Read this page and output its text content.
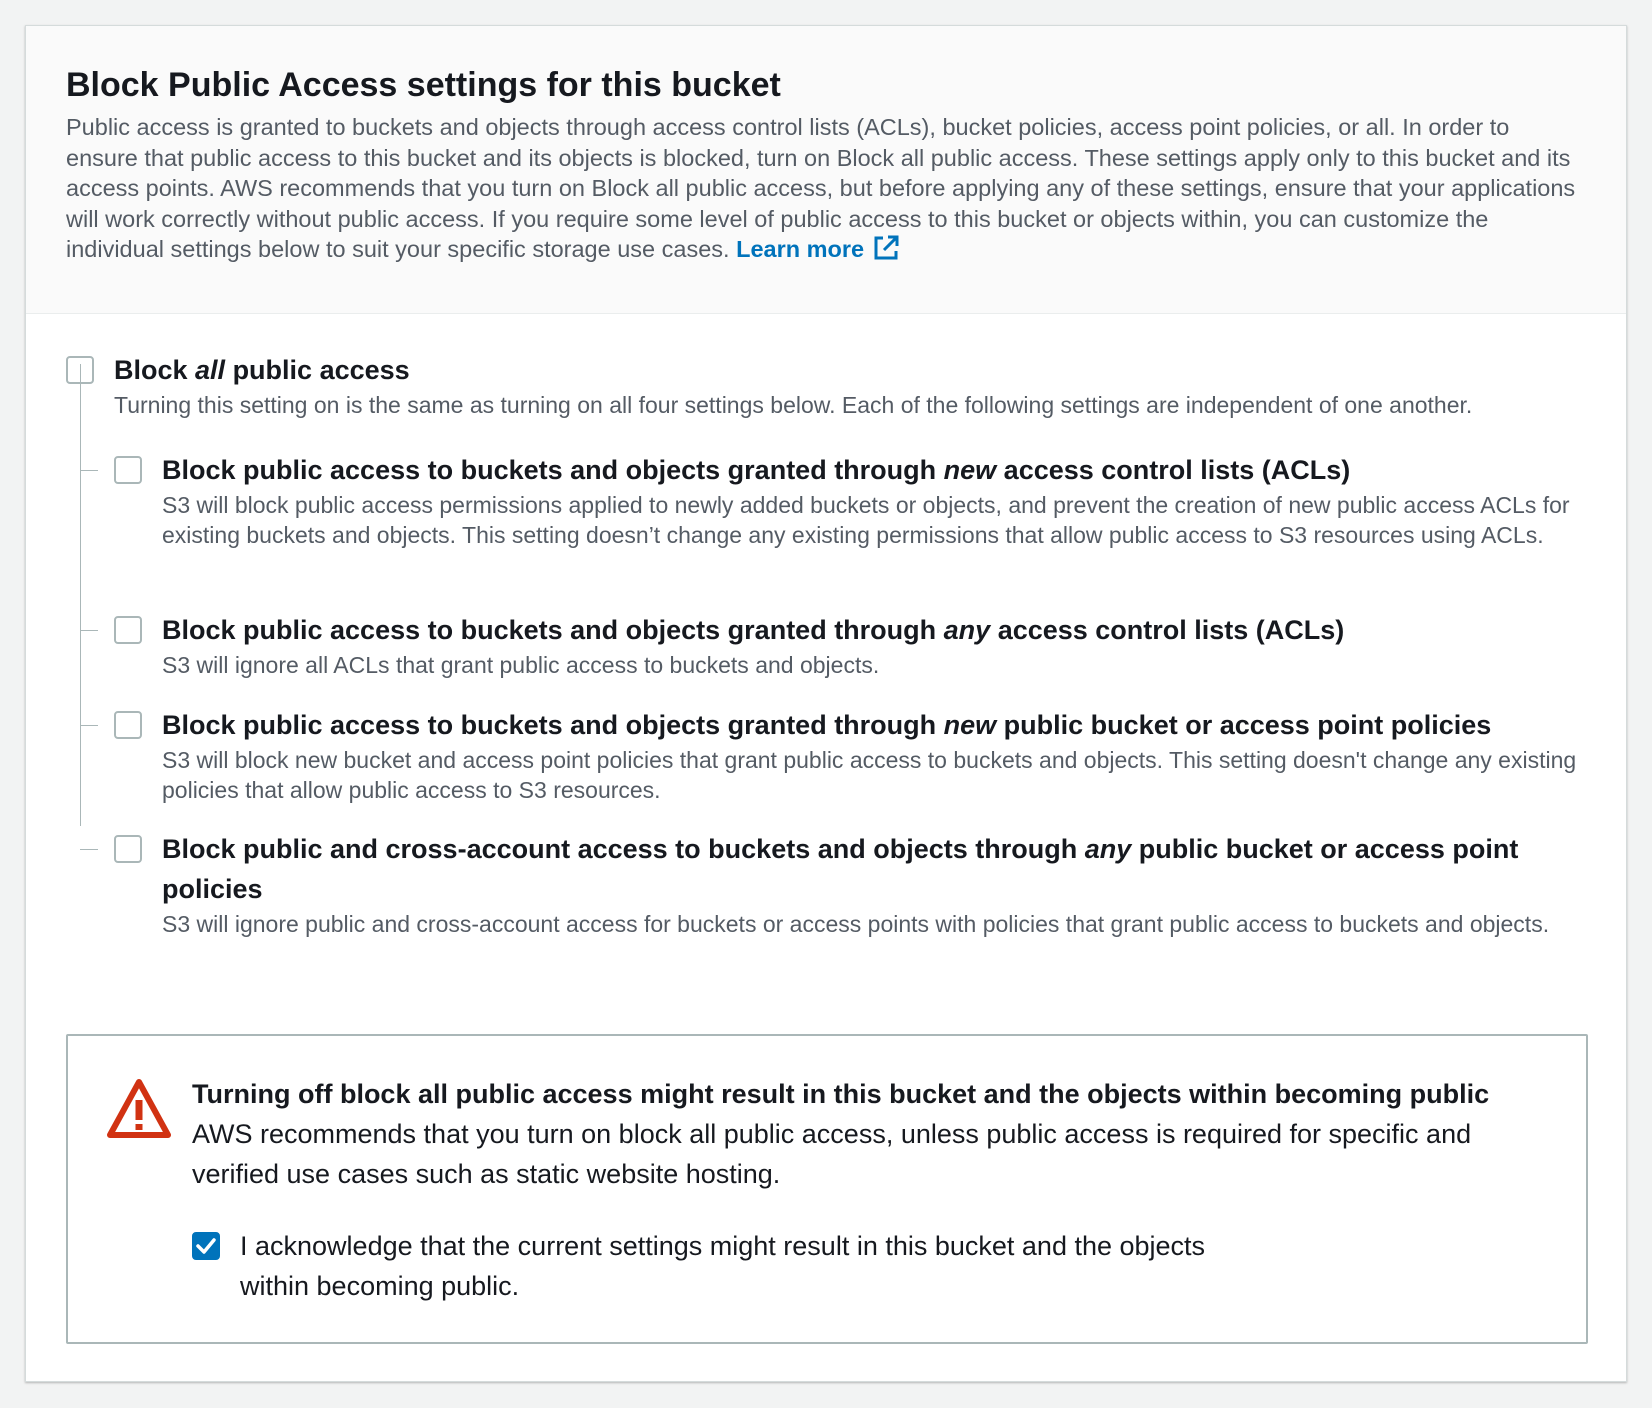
Block Public Access settings for this bucket

Public access is granted to buckets and objects through access control lists (ACLs), bucket policies, access point policies, or all. In order to ensure that public access to this bucket and its objects is blocked, turn on Block all public access. These settings apply only to this bucket and its access points. AWS recommends that you turn on Block all public access, but before applying any of these settings, ensure that your applications will work correctly without public access. If you require some level of public access to this bucket or objects within, you can customize the individual settings below to suit your specific storage use cases. Learn more

Block all public access
Turning this setting on is the same as turning on all four settings below. Each of the following settings are independent of one another.
Block public access to buckets and objects granted through new access control lists (ACLs)
S3 will block public access permissions applied to newly added buckets or objects, and prevent the creation of new public access ACLs for existing buckets and objects. This setting doesn’t change any existing permissions that allow public access to S3 resources using ACLs.
Block public access to buckets and objects granted through any access control lists (ACLs)
S3 will ignore all ACLs that grant public access to buckets and objects.
Block public access to buckets and objects granted through new public bucket or access point policies
S3 will block new bucket and access point policies that grant public access to buckets and objects. This setting doesn't change any existing policies that allow public access to S3 resources.
Block public and cross-account access to buckets and objects through any public bucket or access point policies
S3 will ignore public and cross-account access for buckets or access points with policies that grant public access to buckets and objects.
Turning off block all public access might result in this bucket and the objects within becoming public
AWS recommends that you turn on block all public access, unless public access is required for specific and verified use cases such as static website hosting.
I acknowledge that the current settings might result in this bucket and the objects within becoming public.
